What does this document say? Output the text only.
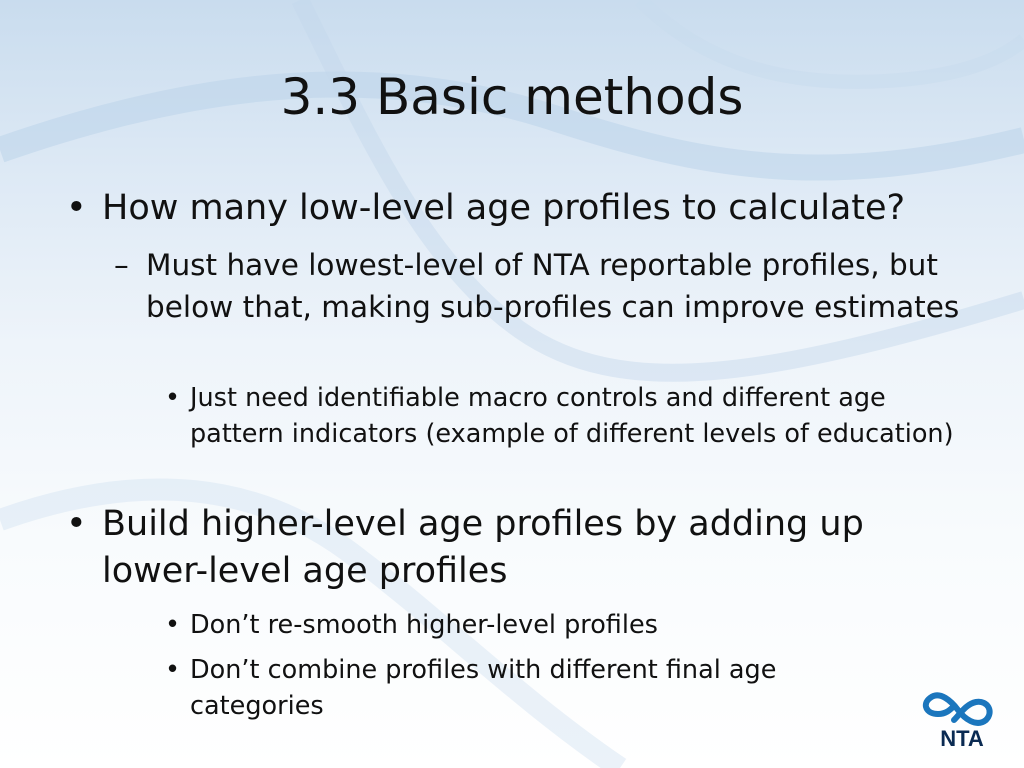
3.3 Basic methods
• How many low-level age profiles to calculate?
– Must have lowest-level of NTA reportable profiles, but below that, making sub-profiles can improve estimates
• Just need identifiable macro controls and different age pattern indicators (example of different levels of education)
• Build higher-level age profiles by adding up lower-level age profiles
• Don’t re-smooth higher-level profiles
• Don’t combine profiles with different final age categories
NTA
